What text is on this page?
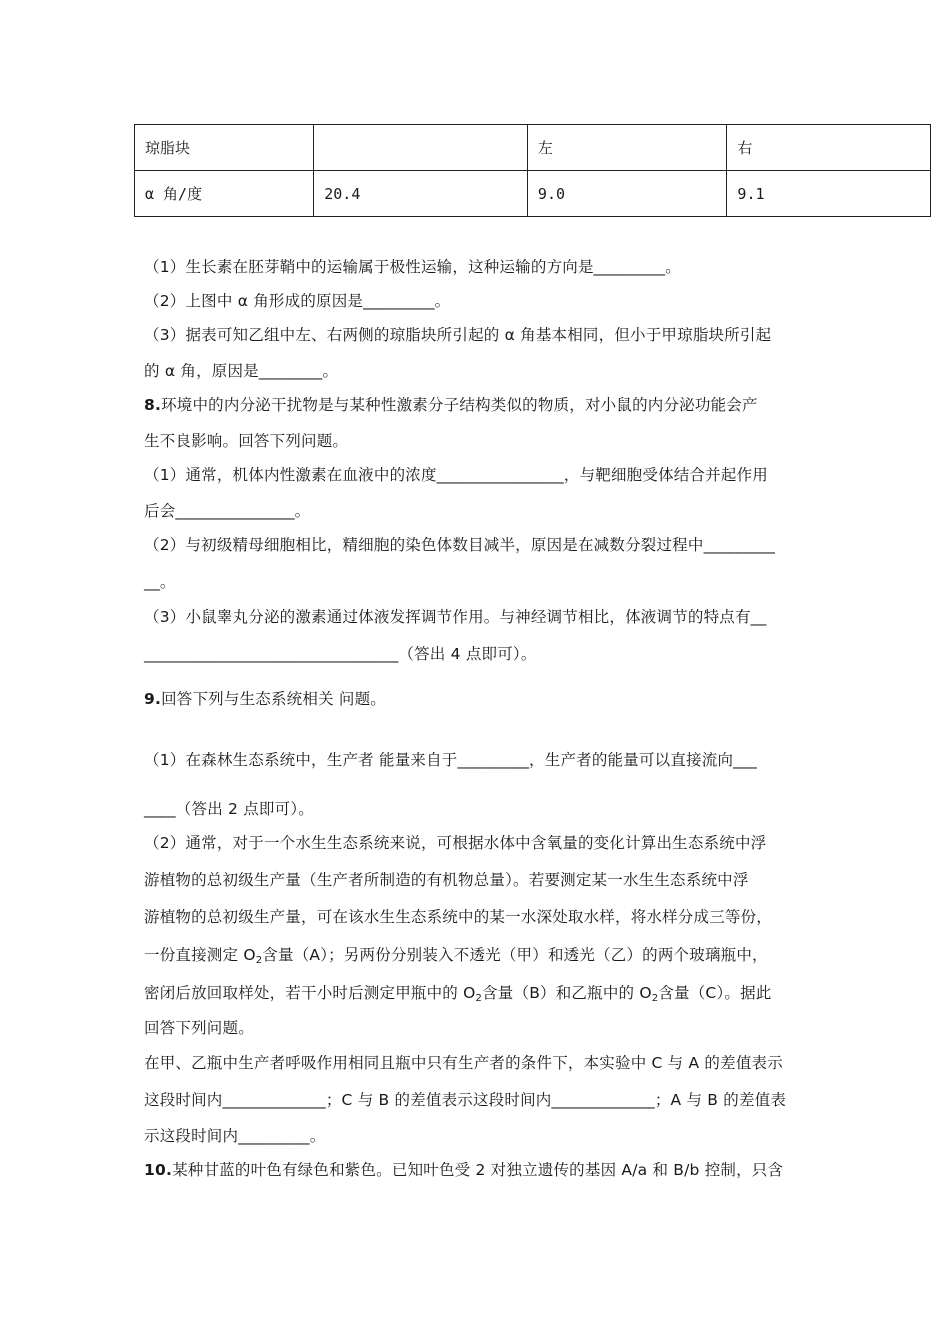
琼脂块		左	右
α 角/度	20.4	9.0	9.1
（1）生长素在胚芽鞘中的运输属于极性运输，这种运输的方向是_________。
（2）上图中 α 角形成的原因是_________。
（3）据表可知乙组中左、右两侧的琼脂块所引起的 α 角基本相同，但小于甲琼脂块所引起
的 α 角，原因是________。
8.环境中的内分泌干扰物是与某种性激素分子结构类似的物质，对小鼠的内分泌功能会产
生不良影响。回答下列问题。
（1）通常，机体内性激素在血液中的浓度________________，与靶细胞受体结合并起作用
后会_______________。
（2）与初级精母细胞相比，精细胞的染色体数目减半，原因是在减数分裂过程中_________
__。
（3）小鼠睾丸分泌的激素通过体液发挥调节作用。与神经调节相比，体液调节的特点有__
________________________________（答出 4 点即可）。
9.回答下列与生态系统相关 问题。
（1）在森林生态系统中，生产者 能量来自于_________，生产者的能量可以直接流向___
____（答出 2 点即可）。
（2）通常，对于一个水生生态系统来说，可根据水体中含氧量的变化计算出生态系统中浮
游植物的总初级生产量（生产者所制造的有机物总量）。若要测定某一水生生态系统中浮
游植物的总初级生产量，可在该水生生态系统中的某一水深处取水样，将水样分成三等份，
一份直接测定 $O_2$含量（A）；另两份分别装入不透光（甲）和透光（乙）的两个玻璃瓶中，
密闭后放回取样处，若干小时后测定甲瓶中的 $O_2$含量（B）和乙瓶中的 $O_2$含量（C）。据此
回答下列问题。
在甲、乙瓶中生产者呼吸作用相同且瓶中只有生产者的条件下，本实验中 C 与 A 的差值表示
这段时间内_____________；C 与 B 的差值表示这段时间内_____________；A 与 B 的差值表
示这段时间内_________。
10.某种甘蓝的叶色有绿色和紫色。已知叶色受 2 对独立遗传的基因 A/a 和 B/b 控制，只含
